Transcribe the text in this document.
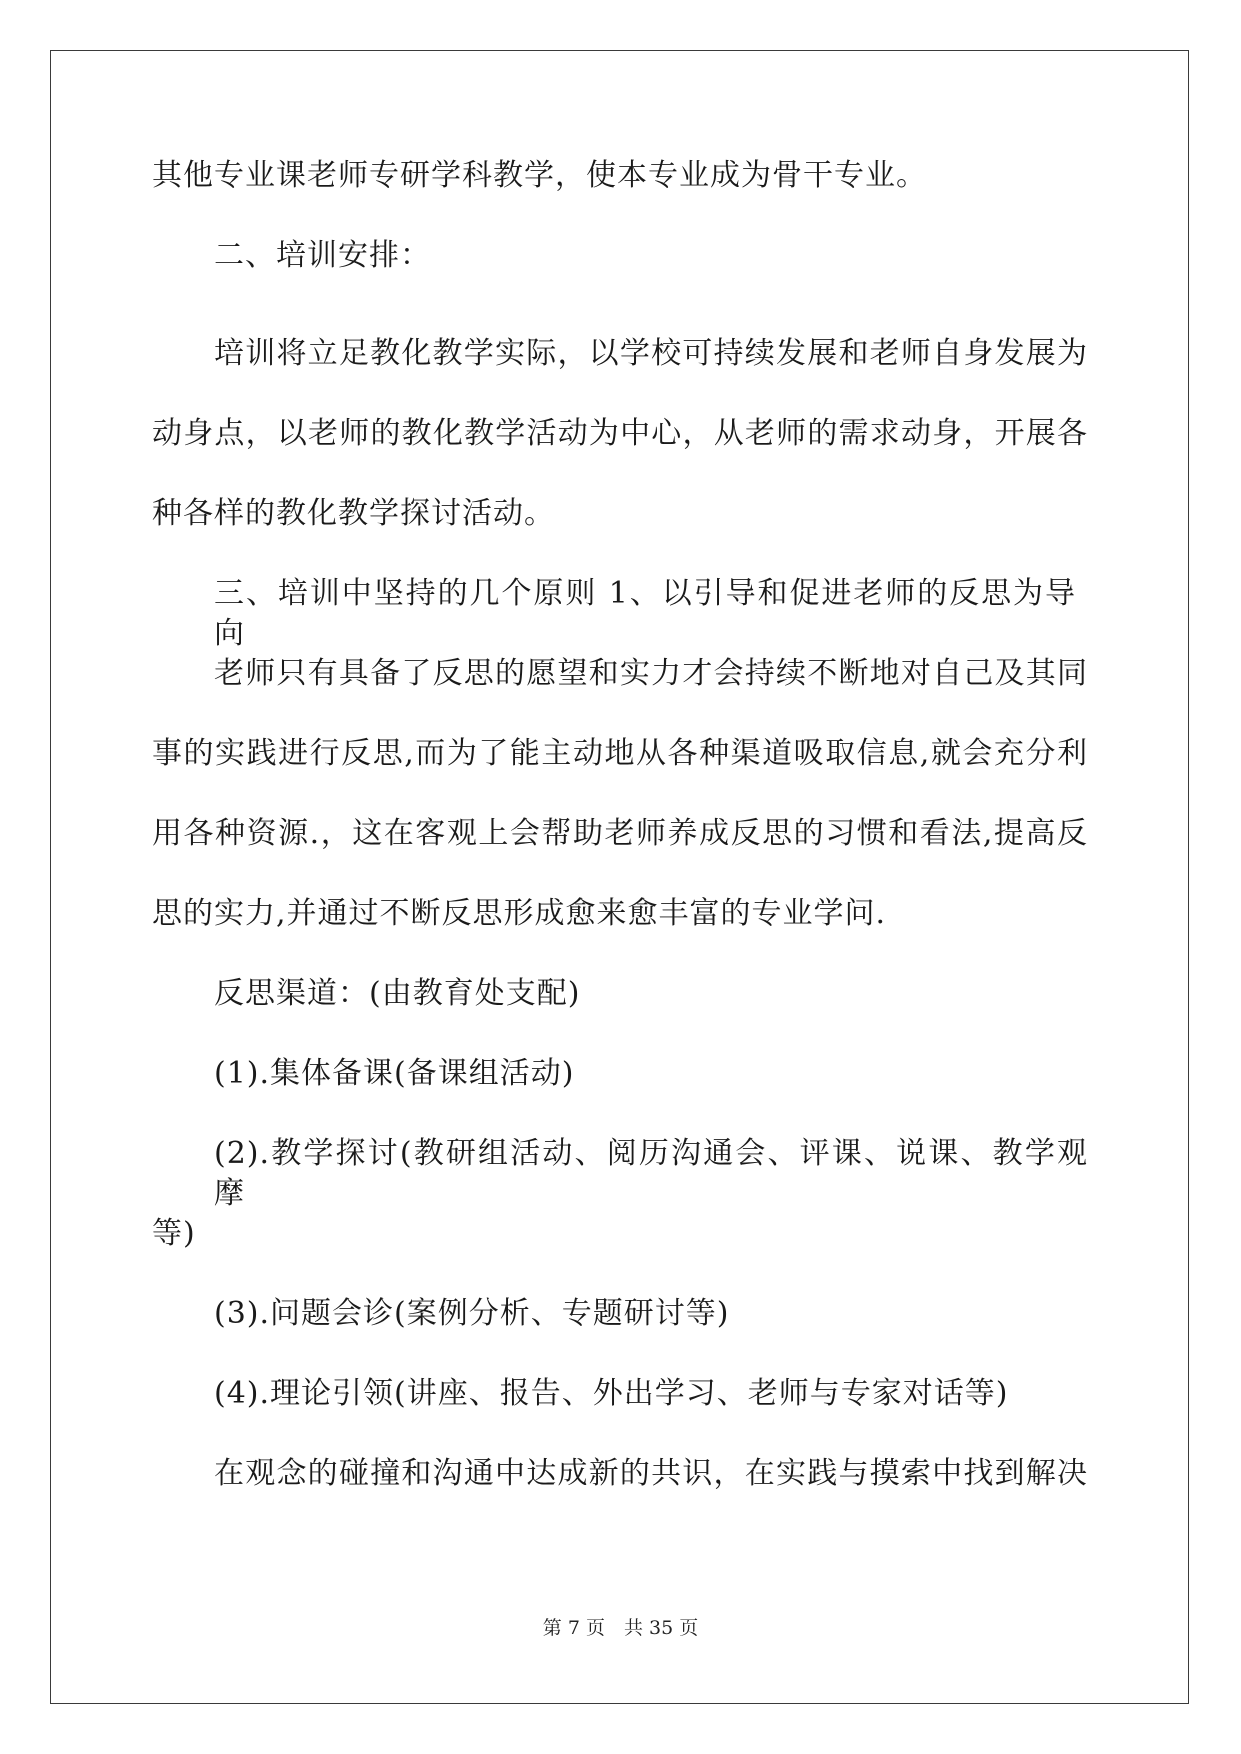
其他专业课老师专研学科教学，使本专业成为骨干专业。
二、培训安排：
培训将立足教化教学实际，以学校可持续发展和老师自身发展为
动身点，以老师的教化教学活动为中心，从老师的需求动身，开展各
种各样的教化教学探讨活动。
三、培训中坚持的几个原则 1、以引导和促进老师的反思为导向
老师只有具备了反思的愿望和实力才会持续不断地对自己及其同
事的实践进行反思,而为了能主动地从各种渠道吸取信息,就会充分利
用各种资源.，这在客观上会帮助老师养成反思的习惯和看法,提高反
思的实力,并通过不断反思形成愈来愈丰富的专业学问.
反思渠道：(由教育处支配)
(1).集体备课(备课组活动)
(2).教学探讨(教研组活动、阅历沟通会、评课、说课、教学观摩
等)
(3).问题会诊(案例分析、专题研讨等)
(4).理论引领(讲座、报告、外出学习、老师与专家对话等)
在观念的碰撞和沟通中达成新的共识，在实践与摸索中找到解决
第 7 页　共 35 页
